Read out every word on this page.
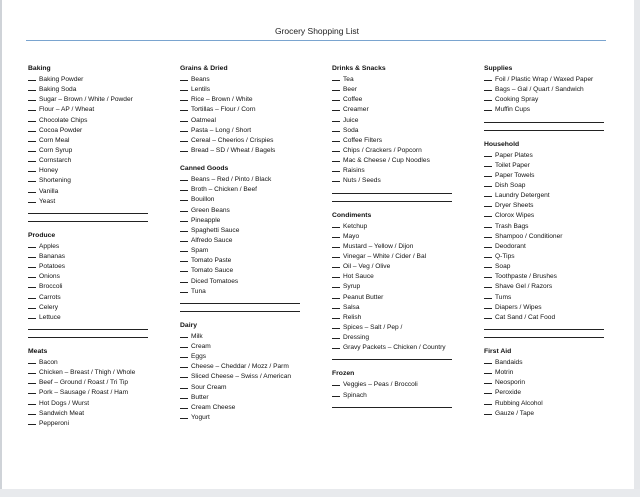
Grocery Shopping List
Baking
Baking Powder
Baking Soda
Sugar – Brown / White / Powder
Flour – AP / Wheat
Chocolate Chips
Cocoa Powder
Corn Meal
Corn Syrup
Cornstarch
Honey
Shortening
Vanilla
Yeast
Produce
Apples
Bananas
Potatoes
Onions
Broccoli
Carrots
Celery
Lettuce
Meats
Bacon
Chicken – Breast / Thigh / Whole
Beef – Ground / Roast / Tri Tip
Pork – Sausage / Roast / Ham
Hot Dogs / Wurst
Sandwich Meat
Pepperoni
Grains & Dried
Beans
Lentils
Rice – Brown / White
Tortillas – Flour / Corn
Oatmeal
Pasta – Long / Short
Cereal – Cheerios / Crispies
Bread – SD / Wheat / Bagels
Canned Goods
Beans – Red / Pinto / Black
Broth – Chicken / Beef
Bouillon
Green Beans
Pineapple
Spaghetti Sauce
Alfredo Sauce
Spam
Tomato Paste
Tomato Sauce
Diced Tomatoes
Tuna
Dairy
Milk
Cream
Eggs
Cheese – Cheddar / Mozz / Parm
Sliced Cheese – Swiss / American
Sour Cream
Butter
Cream Cheese
Yogurt
Drinks & Snacks
Tea
Beer
Coffee
Creamer
Juice
Soda
Coffee Filters
Chips / Crackers / Popcorn
Mac & Cheese / Cup Noodles
Raisins
Nuts / Seeds
Condiments
Ketchup
Mayo
Mustard – Yellow / Dijon
Vinegar – White / Cider / Bal
Oil – Veg / Olive
Hot Sauce
Syrup
Peanut Butter
Salsa
Relish
Spices – Salt / Pep /
Dressing
Gravy Packets – Chicken / Country
Frozen
Veggies – Peas / Broccoli
Spinach
Supplies
Foil / Plastic Wrap / Waxed Paper
Bags – Gal / Quart / Sandwich
Cooking Spray
Muffin Cups
Household
Paper Plates
Toilet Paper
Paper Towels
Dish Soap
Laundry Detergent
Dryer Sheets
Clorox Wipes
Trash Bags
Shampoo / Conditioner
Deodorant
Q-Tips
Soap
Toothpaste / Brushes
Shave Gel / Razors
Tums
Diapers / Wipes
Cat Sand / Cat Food
First Aid
Bandaids
Motrin
Neosporin
Peroxide
Rubbing Alcohol
Gauze / Tape
